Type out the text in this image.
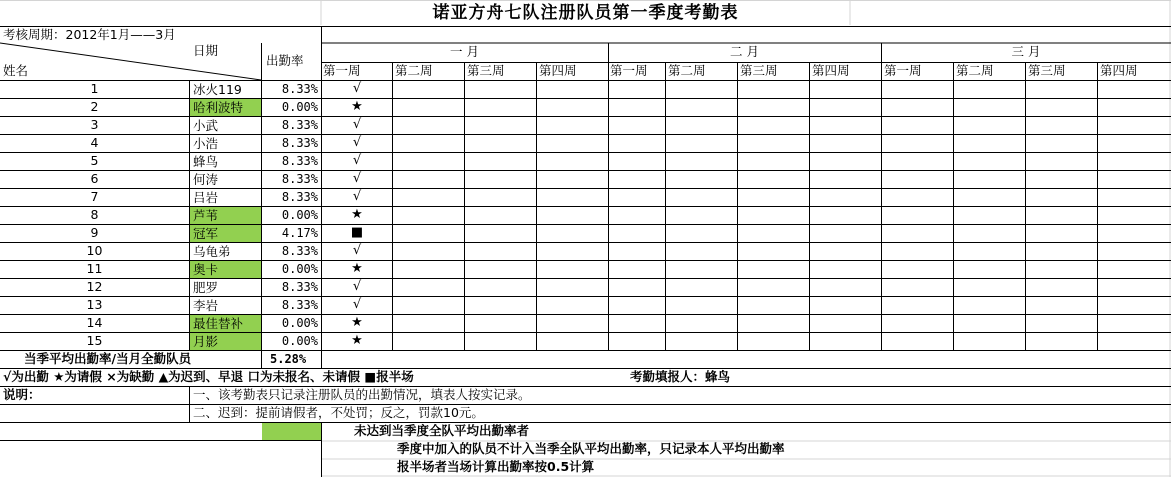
诺亚方舟七队注册队员第一季度考勤表
考核周期：2012年1月——3月
日期
姓名
出勤率
一 月	二 月	三 月
第一周	第二周	第三周	第四周	第一周 第二周	第三周	第四周	第一周	第二周	第三周	第四周
1	冰火119	8.33%	√
2	哈利波特	0.00%	★
3	小武	8.33%	√
4	小浩	8.33%	√
5	蜂鸟	8.33%	√
6	何涛	8.33%	√
7	吕岩	8.33%	√
8	芦苇	0.00%	★
9	冠军	4.17%	■
10	乌龟弟	8.33%	√
11	奥卡	0.00%	★
12	肥罗	8.33%	√
13	李岩	8.33%	√
14	最佳替补	0.00%	★
15	月影	0.00%	★
当季平均出勤率/当月全勤队员	5.28%
√为出勤 ★为请假 ×为缺勤 ▲为迟到、早退 口为未报名、未请假 ■报半场	考勤填报人：蜂鸟
说明：	一、该考勤表只记录注册队员的出勤情况，填表人按实记录。
二、迟到：提前请假者，不处罚；反之，罚款10元。
未达到当季度全队平均出勤率者
季度中加入的队员不计入当季全队平均出勤率，只记录本人平均出勤率
报半场者当场计算出勤率按0.5计算
